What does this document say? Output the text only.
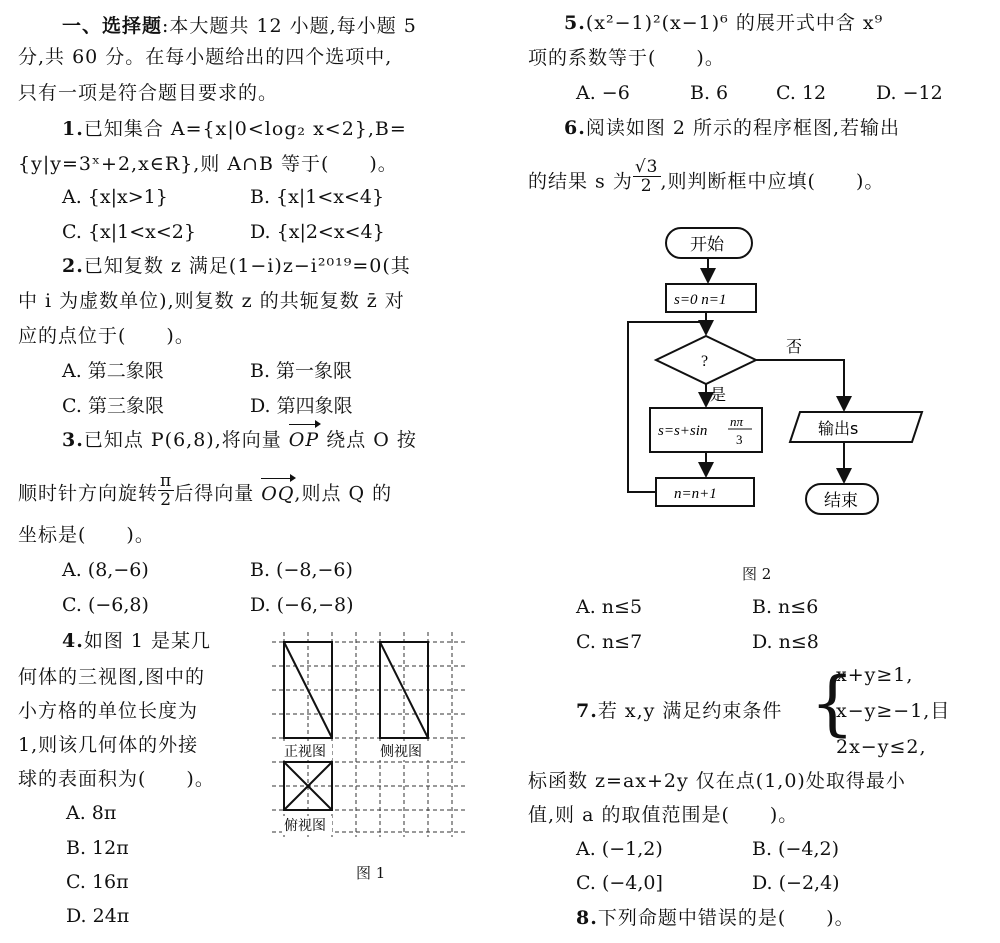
一、选择题:本大题共 12 小题,每小题 5
分,共 60 分。在每小题给出的四个选项中,
只有一项是符合题目要求的。
1.已知集合 A={x|0<log₂ x<2},B=
{y|y=3ˣ+2,x∈R},则 A∩B 等于(　　)。
A. {x|x>1}	B. {x|1<x<4}
C. {x|1<x<2}	D. {x|2<x<4}
2.已知复数 z 满足(1−i)z−i²⁰¹⁹=0(其
中 i 为虚数单位),则复数 z 的共轭复数 z̄ 对
应的点位于(　　)。
A. 第二象限	B. 第一象限
C. 第三象限	D. 第四象限
3.已知点 P(6,8),将向量 OP 绕点 O 按
顺时针方向旋转 $\frac{\pi}{2}$ 后得向量 OQ,则点 Q 的
坐标是(　　)。
A. (8,−6)	B. (−8,−6)
C. (−6,8)	D. (−6,−8)
4.如图 1 是某几
何体的三视图,图中的
小方格的单位长度为
1,则该几何体的外接
球的表面积为(　　)。
A. 8π
B. 12π
C. 16π
D. 24π
正视图	侧视图
俯视图
图 1
5.(x²−1)²(x−1)⁶ 的展开式中含 x⁹
项的系数等于(　　)。
A. −6	B. 6	C. 12	D. −12
6.阅读如图 2 所示的程序框图,若输出
的结果 s 为 $\frac{√3}{2}$ ,则判断框中应填(　　)。
A. n≤5	B. n≤6
C. n≤7	D. n≤8
7.若 x,y 满足约束条件 {
x+y≥1,
x−y≥−1,目
2x−y≤2,
标函数 z=ax+2y 仅在点(1,0)处取得最小
值,则 a 的取值范围是(　　)。
A. (−1,2)	B. (−4,2)
C. (−4,0]	D. (−2,4)
8.下列命题中错误的是(　　)。
开始
s=0 n=1
?
否
是
s=s+sin
nπ
3
n=n+1
输出s
结束
图 2
